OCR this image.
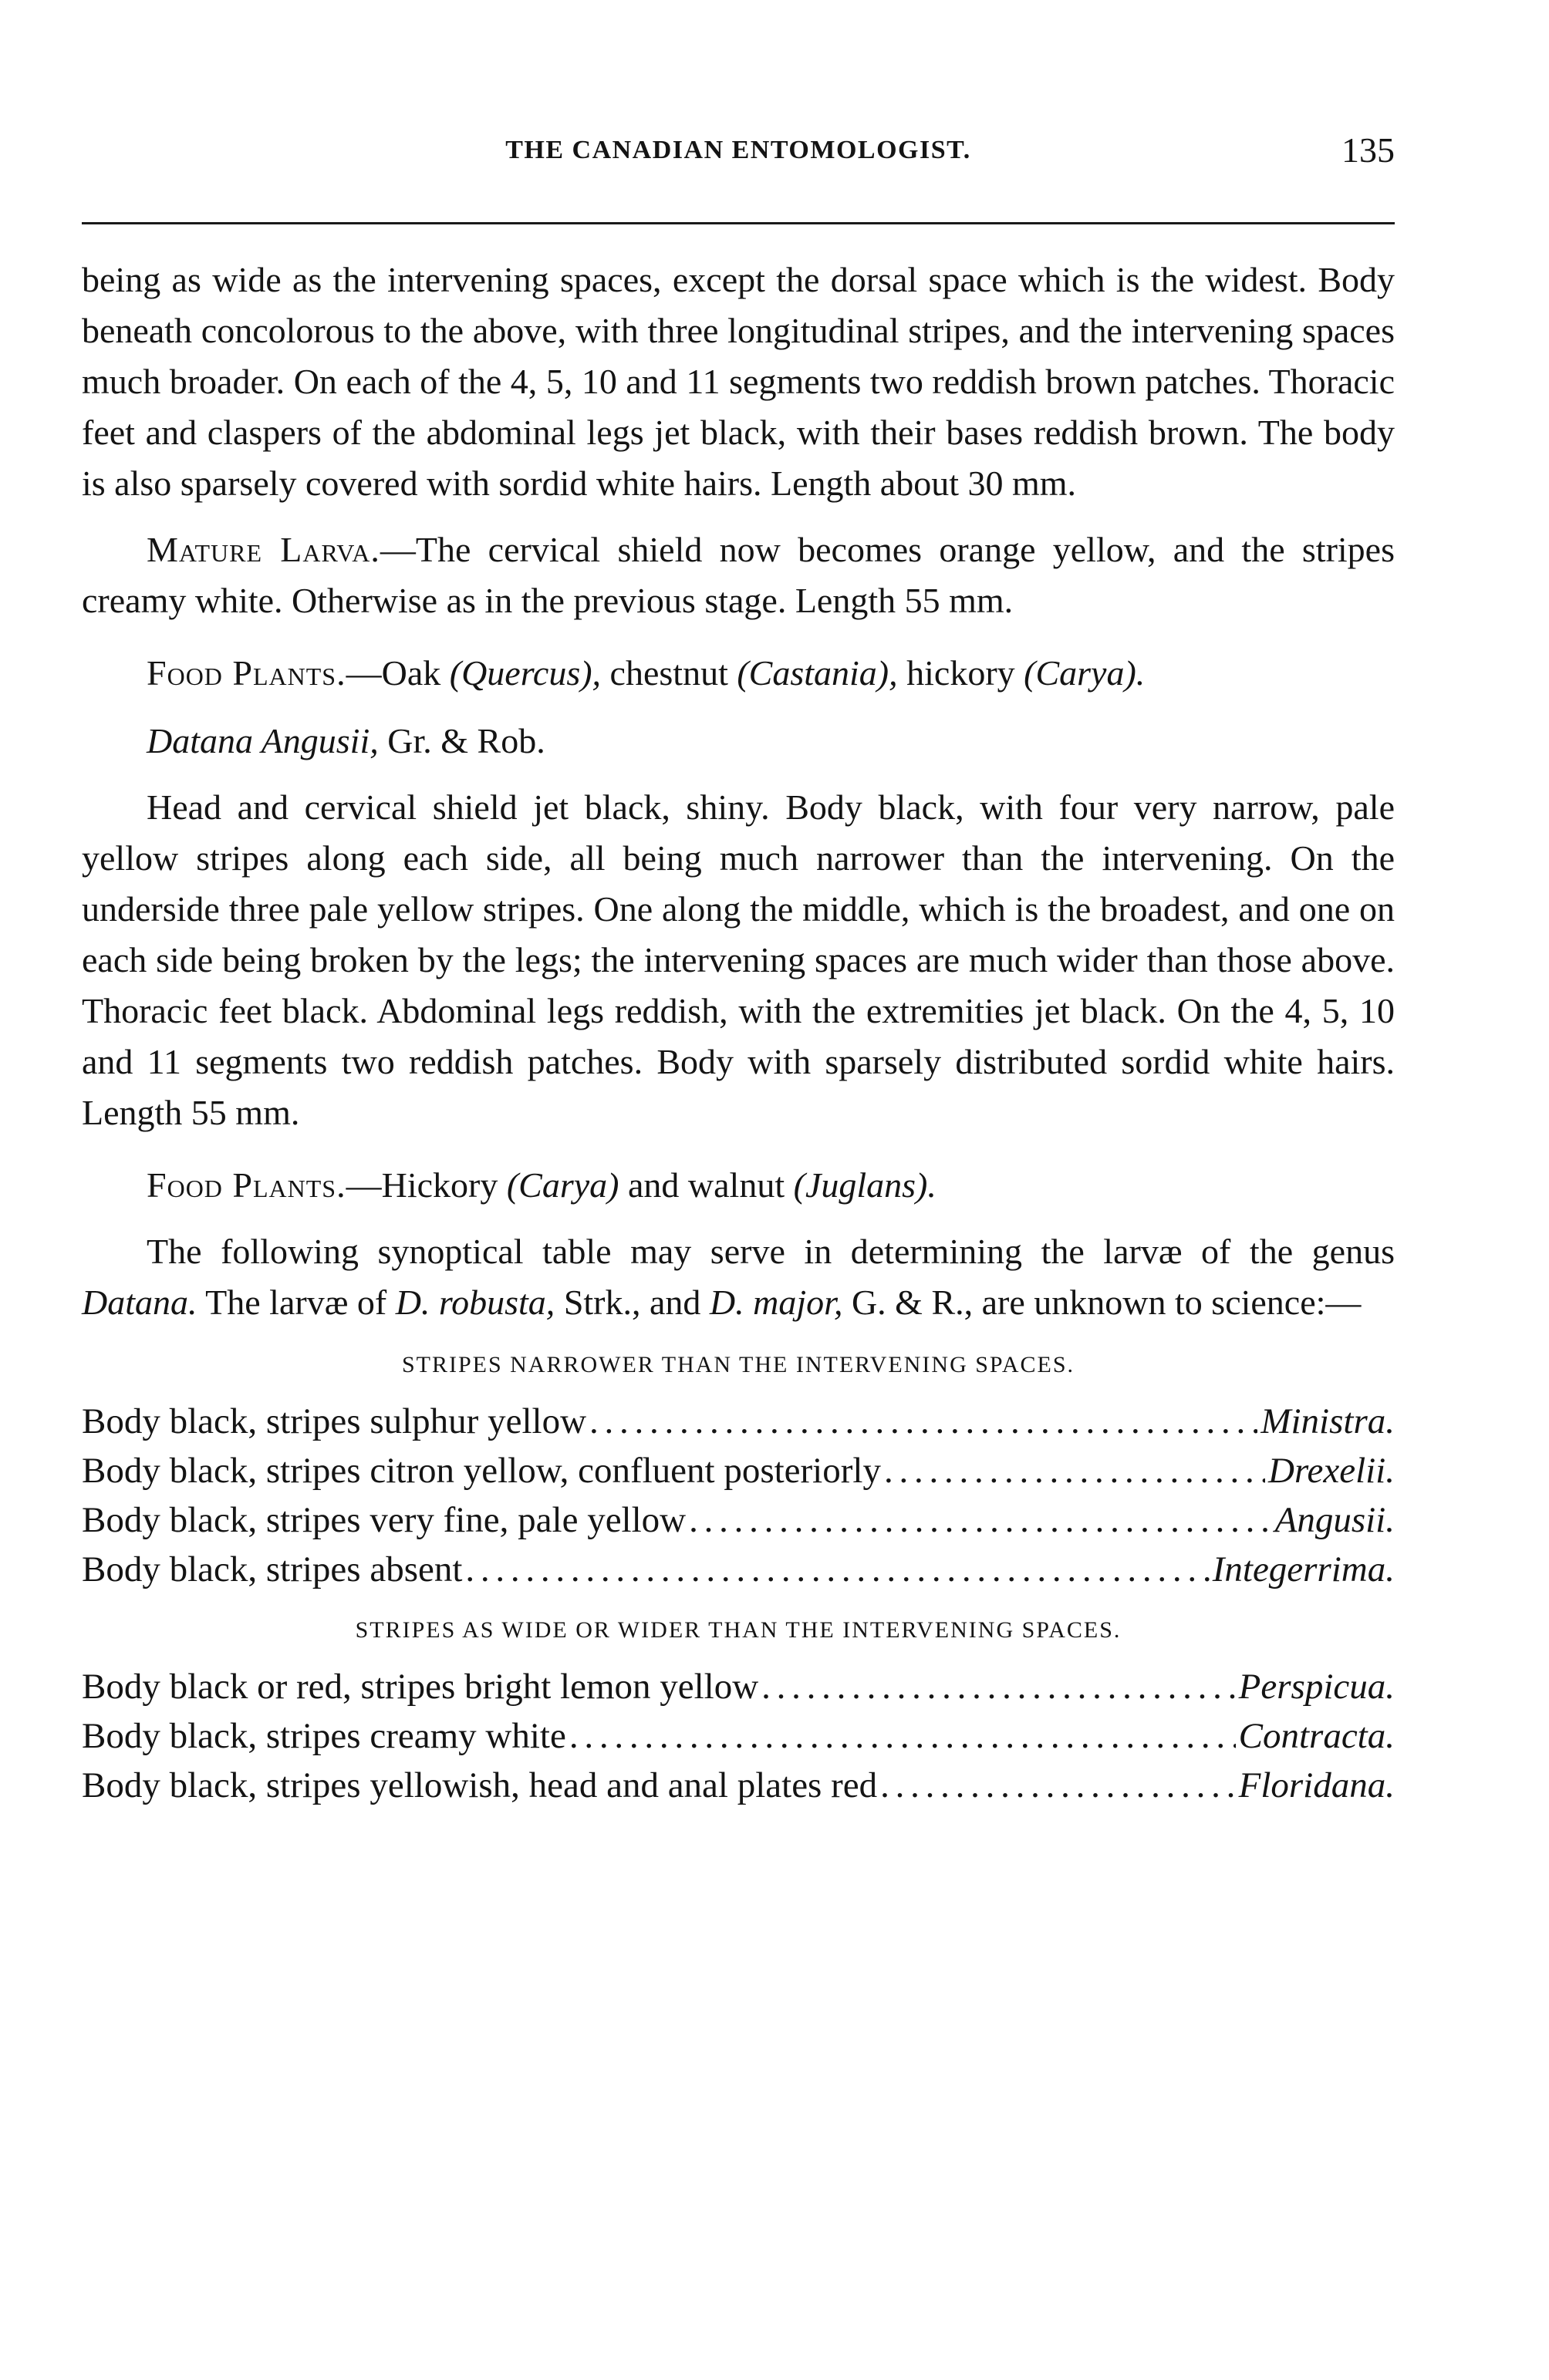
THE CANADIAN ENTOMOLOGIST.	135

being as wide as the intervening spaces, except the dorsal space which is the widest. Body beneath concolorous to the above, with three longitudinal stripes, and the intervening spaces much broader. On each of the 4, 5, 10 and 11 segments two reddish brown patches. Thoracic feet and claspers of the abdominal legs jet black, with their bases reddish brown. The body is also sparsely covered with sordid white hairs. Length about 30 mm.

Mature Larva.—The cervical shield now becomes orange yellow, and the stripes creamy white. Otherwise as in the previous stage. Length 55 mm.

Food Plants.—Oak (Quercus), chestnut (Castania), hickory (Carya).

Datana Angusii, Gr. & Rob.

Head and cervical shield jet black, shiny. Body black, with four very narrow, pale yellow stripes along each side, all being much narrower than the intervening. On the underside three pale yellow stripes. One along the middle, which is the broadest, and one on each side being broken by the legs; the intervening spaces are much wider than those above. Thoracic feet black. Abdominal legs reddish, with the extremities jet black. On the 4, 5, 10 and 11 segments two reddish patches. Body with sparsely distributed sordid white hairs. Length 55 mm.

Food Plants.—Hickory (Carya) and walnut (Juglans).

The following synoptical table may serve in determining the larvæ of the genus Datana. The larvæ of D. robusta, Strk., and D. major, G. & R., are unknown to science:—

STRIPES NARROWER THAN THE INTERVENING SPACES.

Body black, stripes sulphur yellow . . .	Ministra.
Body black, stripes citron yellow, confluent posteriorly . . .	Drexelii.
Body black, stripes very fine, pale yellow . . .	Angusii.
Body black, stripes absent . . .	Integerrima.

STRIPES AS WIDE OR WIDER THAN THE INTERVENING SPACES.

Body black or red, stripes bright lemon yellow . . .	Perspicua.
Body black, stripes creamy white . . .	Contracta.
Body black, stripes yellowish, head and anal plates red . . .	Floridana.
